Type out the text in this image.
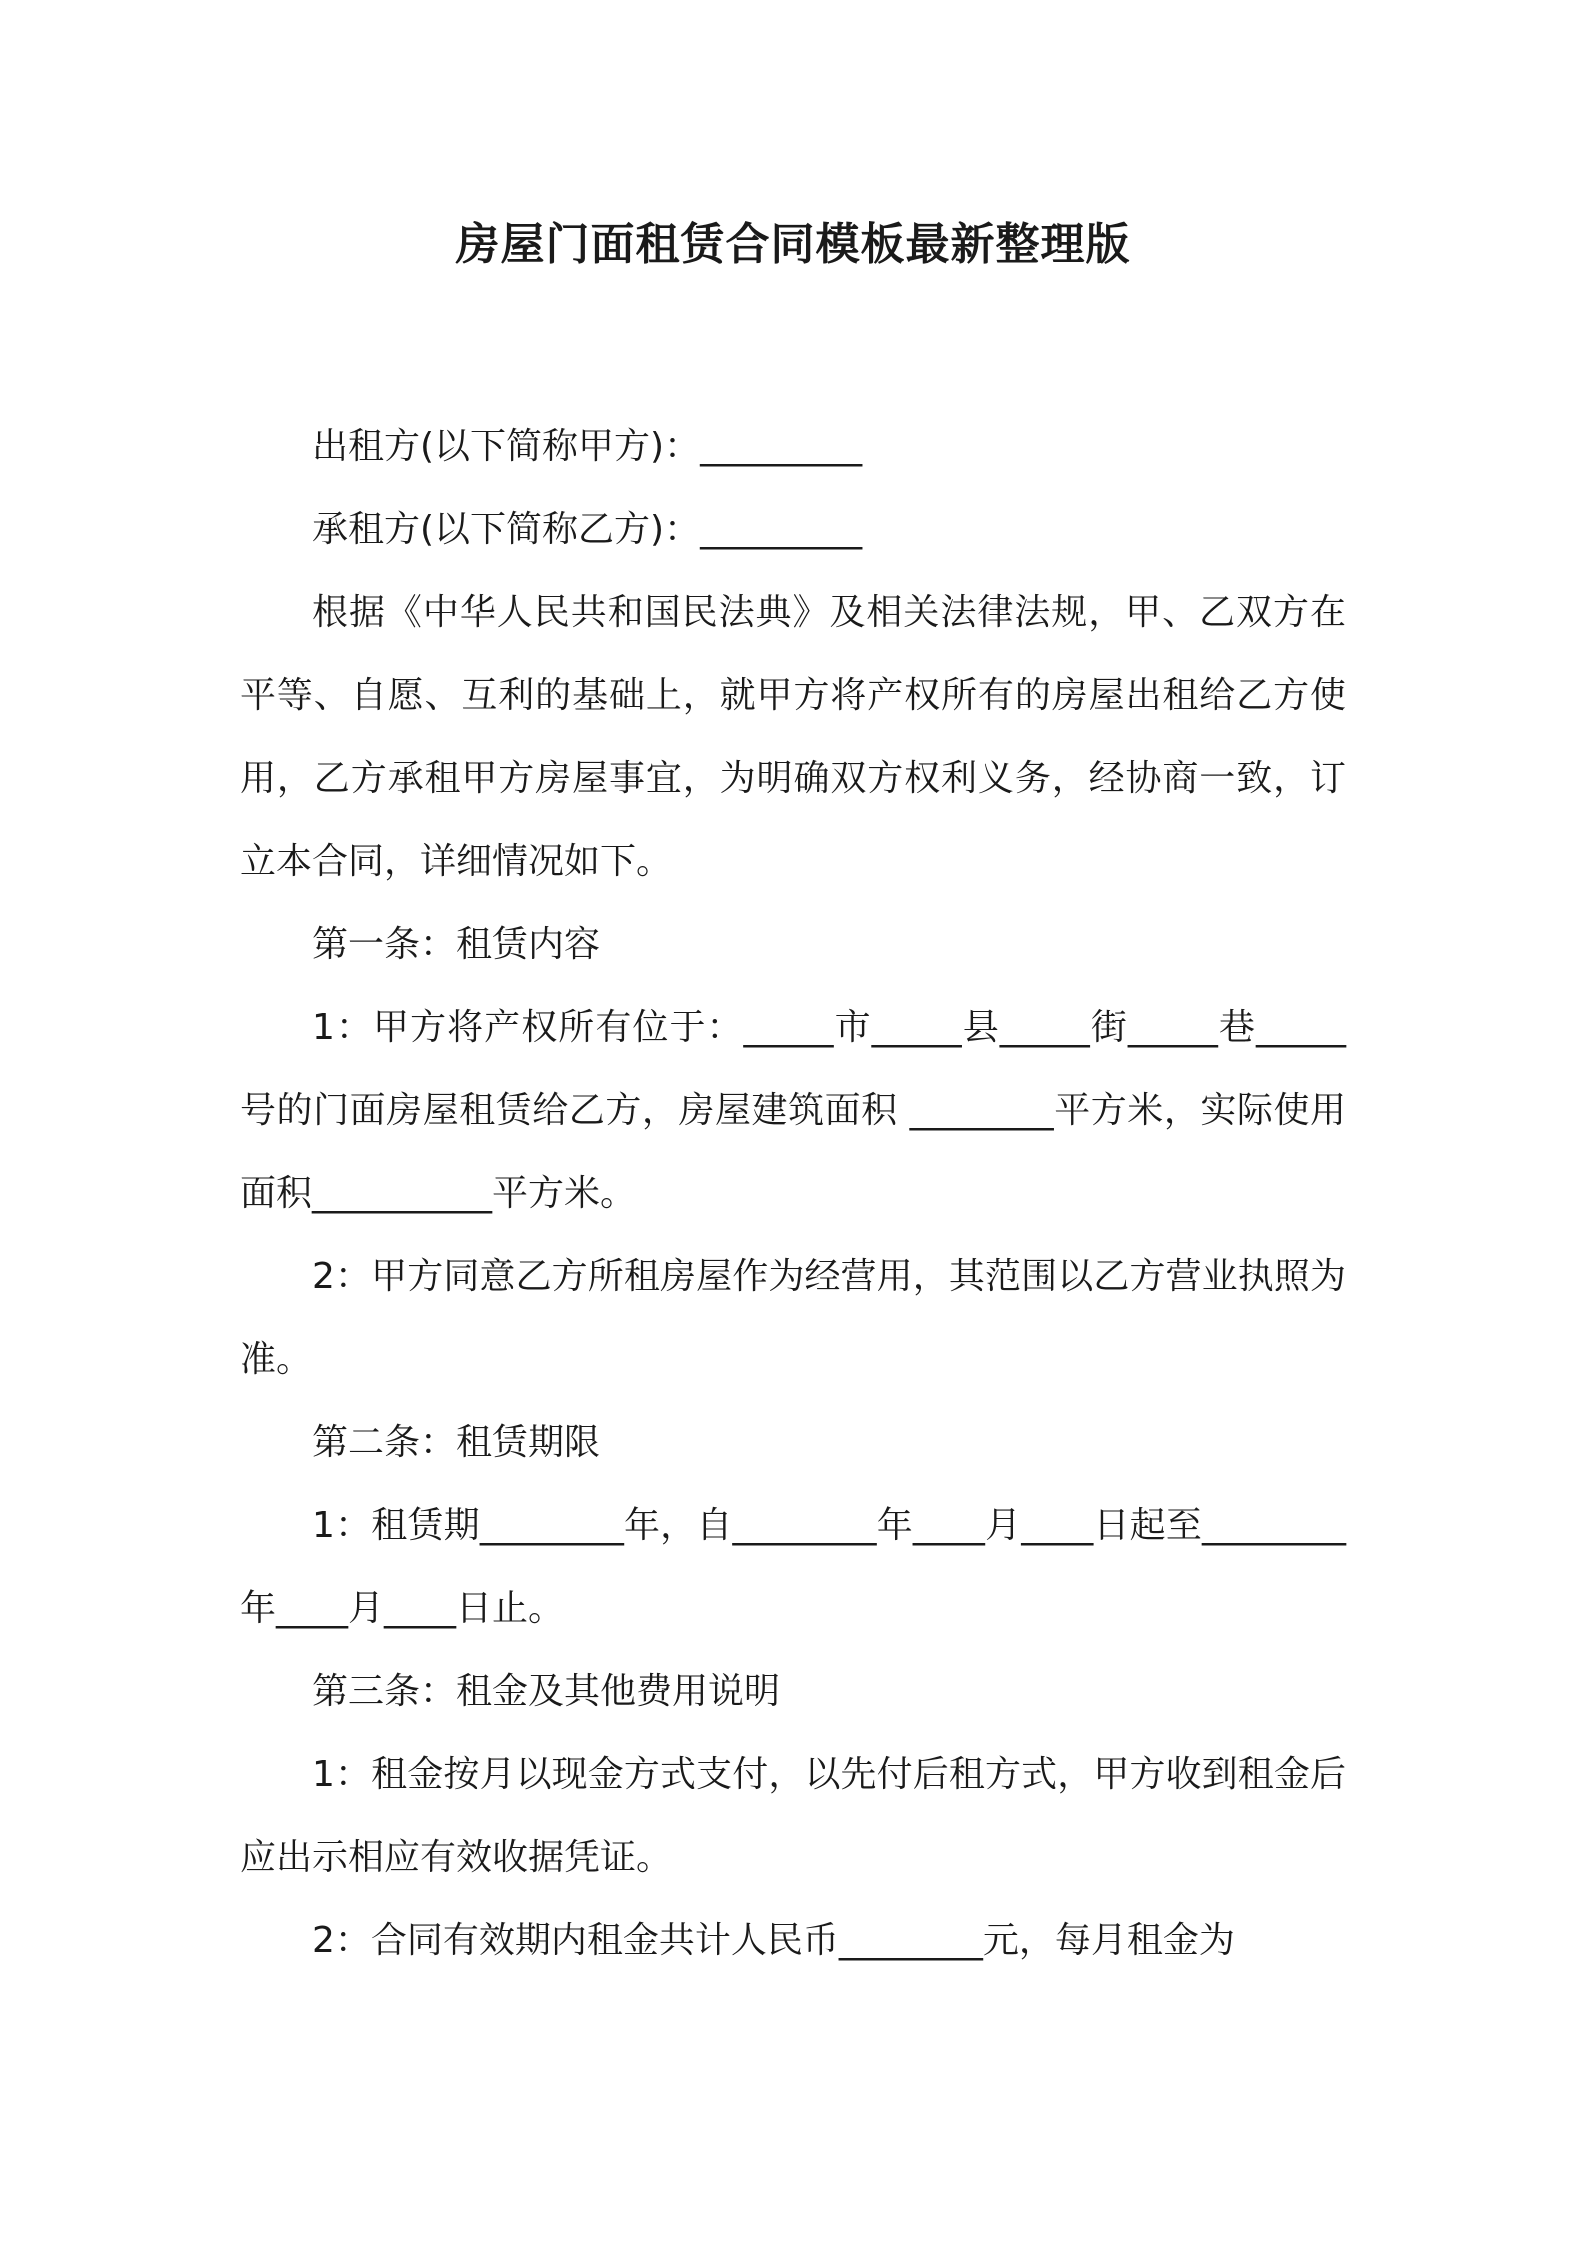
房屋门面租赁合同模板最新整理版

出租方(以下简称甲方)：_________

承租方(以下简称乙方)：_________

根据《中华人民共和国民法典》及相关法律法规，甲、乙双方在平等、自愿、互利的基础上，就甲方将产权所有的房屋出租给乙方使用，乙方承租甲方房屋事宜，为明确双方权利义务，经协商一致，订立本合同，详细情况如下。

第一条：租赁内容

1：甲方将产权所有位于：_____市_____县_____街_____巷_____号的门面房屋租赁给乙方，房屋建筑面积 ________平方米，实际使用面积__________平方米。

2：甲方同意乙方所租房屋作为经营用，其范围以乙方营业执照为准。

第二条：租赁期限

1：租赁期________年，自________年____月____日起至________年____月____日止。

第三条：租金及其他费用说明

1：租金按月以现金方式支付，以先付后租方式，甲方收到租金后应出示相应有效收据凭证。

2：合同有效期内租金共计人民币________元，每月租金为
